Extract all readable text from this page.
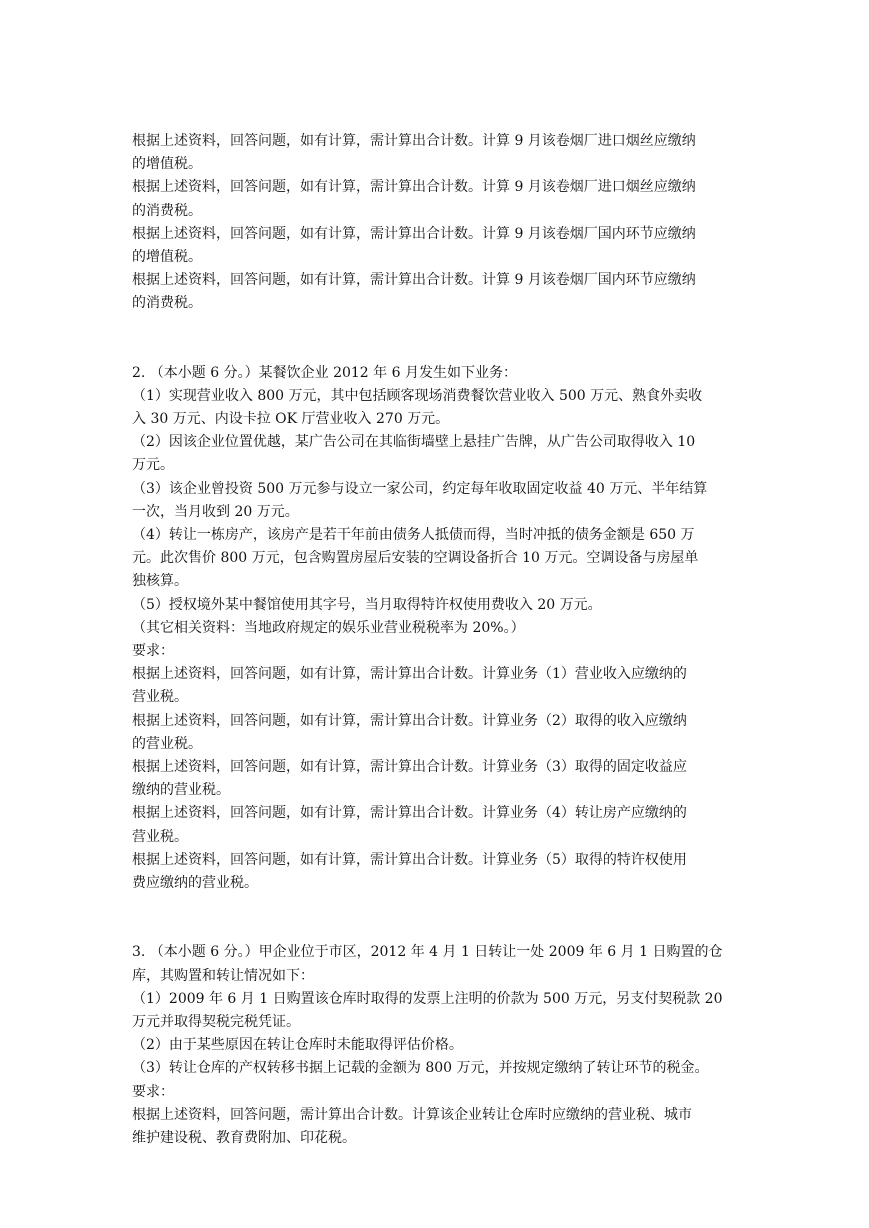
根据上述资料，回答问题，如有计算，需计算出合计数。计算 9 月该卷烟厂进口烟丝应缴纳
的增值税。
根据上述资料，回答问题，如有计算，需计算出合计数。计算 9 月该卷烟厂进口烟丝应缴纳
的消费税。
根据上述资料，回答问题，如有计算，需计算出合计数。计算 9 月该卷烟厂国内环节应缴纳
的增值税。
根据上述资料，回答问题，如有计算，需计算出合计数。计算 9 月该卷烟厂国内环节应缴纳
的消费税。
2. （本小题 6 分。）某餐饮企业 2012 年 6 月发生如下业务：
（1）实现营业收入 800 万元，其中包括顾客现场消费餐饮营业收入 500 万元、熟食外卖收
入 30 万元、内设卡拉 OK 厅营业收入 270 万元。
（2）因该企业位置优越，某广告公司在其临街墙壁上悬挂广告牌，从广告公司取得收入 10
万元。
（3）该企业曾投资 500 万元参与设立一家公司，约定每年收取固定收益 40 万元、半年结算
一次，当月收到 20 万元。
（4）转让一栋房产，该房产是若干年前由债务人抵债而得，当时冲抵的债务金额是 650 万
元。此次售价 800 万元，包含购置房屋后安装的空调设备折合 10 万元。空调设备与房屋单
独核算。
（5）授权境外某中餐馆使用其字号，当月取得特许权使用费收入 20 万元。
（其它相关资料：当地政府规定的娱乐业营业税税率为 20%。）
要求：
根据上述资料，回答问题，如有计算，需计算出合计数。计算业务（1）营业收入应缴纳的
营业税。
根据上述资料，回答问题，如有计算，需计算出合计数。计算业务（2）取得的收入应缴纳
的营业税。
根据上述资料，回答问题，如有计算，需计算出合计数。计算业务（3）取得的固定收益应
缴纳的营业税。
根据上述资料，回答问题，如有计算，需计算出合计数。计算业务（4）转让房产应缴纳的
营业税。
根据上述资料，回答问题，如有计算，需计算出合计数。计算业务（5）取得的特许权使用
费应缴纳的营业税。
3. （本小题 6 分。）甲企业位于市区，2012 年 4 月 1 日转让一处 2009 年 6 月 1 日购置的仓
库，其购置和转让情况如下：
（1）2009 年 6 月 1 日购置该仓库时取得的发票上注明的价款为 500 万元，另支付契税款 20
万元并取得契税完税凭证。
（2）由于某些原因在转让仓库时未能取得评估价格。
（3）转让仓库的产权转移书据上记载的金额为 800 万元，并按规定缴纳了转让环节的税金。
要求：
根据上述资料，回答问题，需计算出合计数。计算该企业转让仓库时应缴纳的营业税、城市
维护建设税、教育费附加、印花税。
